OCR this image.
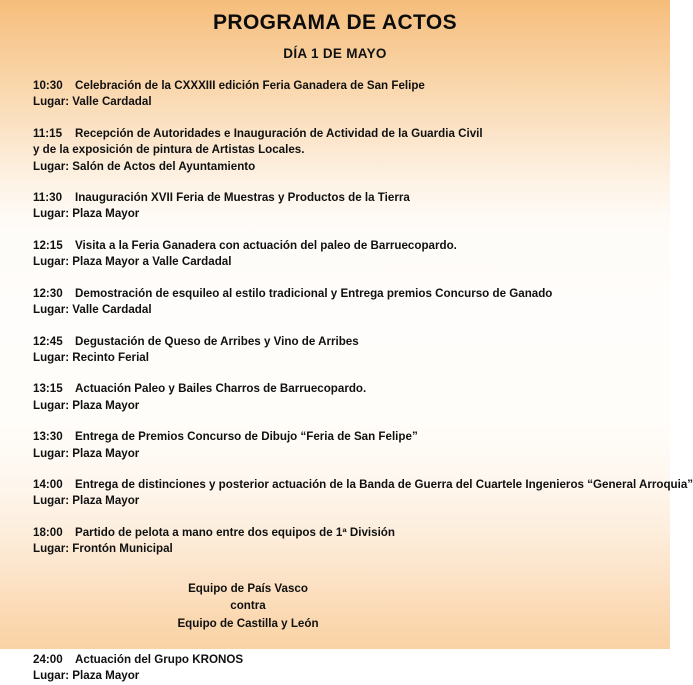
PROGRAMA DE ACTOS
DÍA 1 DE MAYO
10:30 Celebración de la CXXXIII edición Feria Ganadera de San Felipe
Lugar: Valle Cardadal
11:15 Recepción de Autoridades e Inauguración de Actividad de la Guardia Civil
y de la exposición de pintura de Artistas Locales.
Lugar: Salón de Actos del Ayuntamiento
11:30 Inauguración XVII Feria de Muestras y Productos de la Tierra
Lugar: Plaza Mayor
12:15 Visita a la Feria Ganadera con actuación del paleo de Barruecopardo.
Lugar: Plaza Mayor a Valle Cardadal
12:30 Demostración de esquileo al estilo tradicional y Entrega premios Concurso de Ganado
Lugar: Valle Cardadal
12:45 Degustación de Queso de Arribes y Vino de Arribes
Lugar: Recinto Ferial
13:15 Actuación Paleo y Bailes Charros de Barruecopardo.
Lugar: Plaza Mayor
13:30 Entrega de Premios Concurso de Dibujo “Feria de San Felipe”
Lugar: Plaza Mayor
14:00 Entrega de distinciones y posterior actuación de la Banda de Guerra del Cuartele Ingenieros “General Arroquia”
Lugar: Plaza Mayor
18:00 Partido de pelota a mano entre dos equipos de 1ª División
Lugar: Frontón Municipal
Equipo de País Vasco
contra
Equipo de Castilla y León
24:00 Actuación del Grupo KRONOS
Lugar: Plaza Mayor
